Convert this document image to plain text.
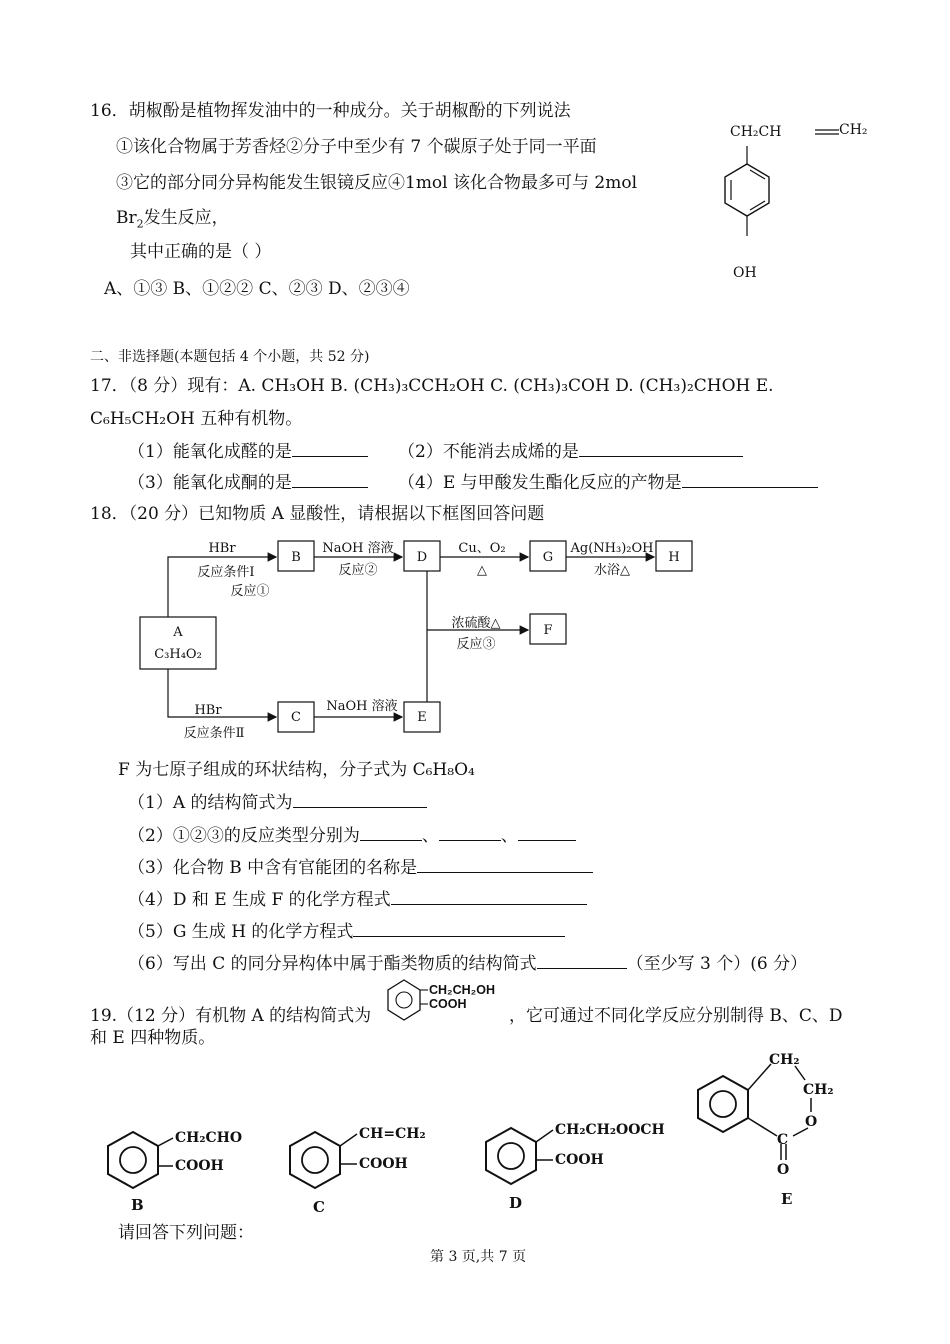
16．胡椒酚是植物挥发油中的一种成分。关于胡椒酚的下列说法
①该化合物属于芳香烃②分子中至少有 7 个碳原子处于同一平面
③它的部分同分异构能发生银镜反应④1mol 该化合物最多可与 2mol
$Br_2$发生反应，
其中正确的是（ ）
A、①③ B、①②② C、②③ D、②③④
CH₂CH	CH₂
OH
二、非选择题(本题包括 4 个小题，共 52 分)
17．（8 分）现有：A. CH₃OH B. (CH₃)₃CCH₂OH C. (CH₃)₃COH D. (CH₃)₂CHOH E.
C₆H₅CH₂OH 五种有机物。
（1）能氧化成醛的是	（2）不能消去成烯的是
（3）能氧化成酮的是	（4）E 与甲酸发生酯化反应的产物是
18．（20 分）已知物质 A 显酸性，请根据以下框图回答问题
A
C₃H₄O₂
B	D	G	H
F
C	E
HBr
反应条件Ⅰ
反应①
NaOH 溶液
反应②
Cu、O₂
△
Ag(NH₃)₂OH
水浴△
浓硫酸△
反应③
HBr
反应条件Ⅱ
NaOH 溶液
F 为七原子组成的环状结构，分子式为 C₆H₈O₄
（1）A 的结构简式为
（2）①②③的反应类型分别为	、	、
（3）化合物 B 中含有官能团的名称是
（4）D 和 E 生成 F 的化学方程式
（5）G 生成 H 的化学方程式
（6）写出 C 的同分异构体中属于酯类物质的结构简式	（至少写 3 个）(6 分）
19.（12 分）有机物 A 的结构简式为
CH₂CH₂OH
COOH
，它可通过不同化学反应分别制得 B、C、D
和 E 四种物质。
CH₂CHO
COOH
B
CH=CH₂
COOH
C
CH₂CH₂OOCH
COOH
D
CH₂
CH₂
O
C
O
E
请回答下列问题：
第 3 页,共 7 页
